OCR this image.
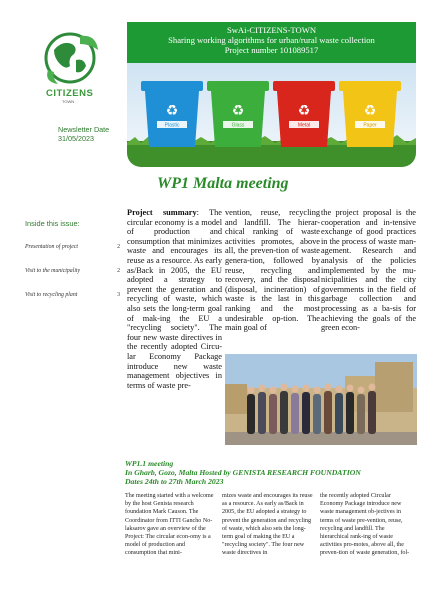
CITIZENS
TOWN
Newsletter Date
31/05/2023
SwAi-CITIZENS-TOWN
Sharing working algorithms for urban/rural waste collection
Project number 101089517
♻
Plastic
♻
Glass
♻
Metal
♻
Paper
Inside this issue:
Presentation of project	2
Visit to the municipality	2
Visit to recycling plant	3
WP1 Malta meeting
Project summary: The circular economy is a model of production and consumption that minimizes waste and encourages its reuse as a resource. As early as/Back in 2005, the EU adopted a strategy to prevent the generation and recycling of waste, which also sets the long-term goal of mak-ing the EU a "recycling society". The four new waste directives in the recently adopted Circu-lar Economy Package introduce new waste management objectives in terms of waste pre-
vention, reuse, recycling and landfill. The hierar-chical ranking of waste activities promotes, above all, the preven-tion of waste genera-tion, followed by reuse, recycling and recovery, and the disposal (disposal, incineration) of waste is the last in this ranking and the most undesirable op-tion. The main goal of
the project proposal is the cooperation and in-tensive exchange of good practices in the process of waste man-agement. Research and analysis of the policies implemented by the mu-nicipalities and the city governments in the field of garbage collection and processing as a ba-sis for achieving the goals of the green econ-
WP1.1 meeting
In Gharb, Gozo, Malta Hosted by GENISTA RESEARCH FOUNDATION
Dates 24th to 27th March 2023
The meeting started with a welcome by the host Genista research foundation Mark Causon. The Coordinator from ITTI Gancho No-laksarov gave an overview of the Project: The circular econ-omy is a model of production and consumption that mini-
mizes waste and encourages its reuse as a resource. As early as/Back in 2005, the EU adopted a strategy to prevent the generation and recycling of waste, which also sets the long-term goal of making the EU a "recycling society". The four new waste directives in
the recently adopted Circular Economy Package introduce new waste management ob-jectives in terms of waste pre-vention, reuse, recycling and landfill. The hierarchical rank-ing of waste activities pro-motes, above all, the preven-tion of waste generation, fol-
